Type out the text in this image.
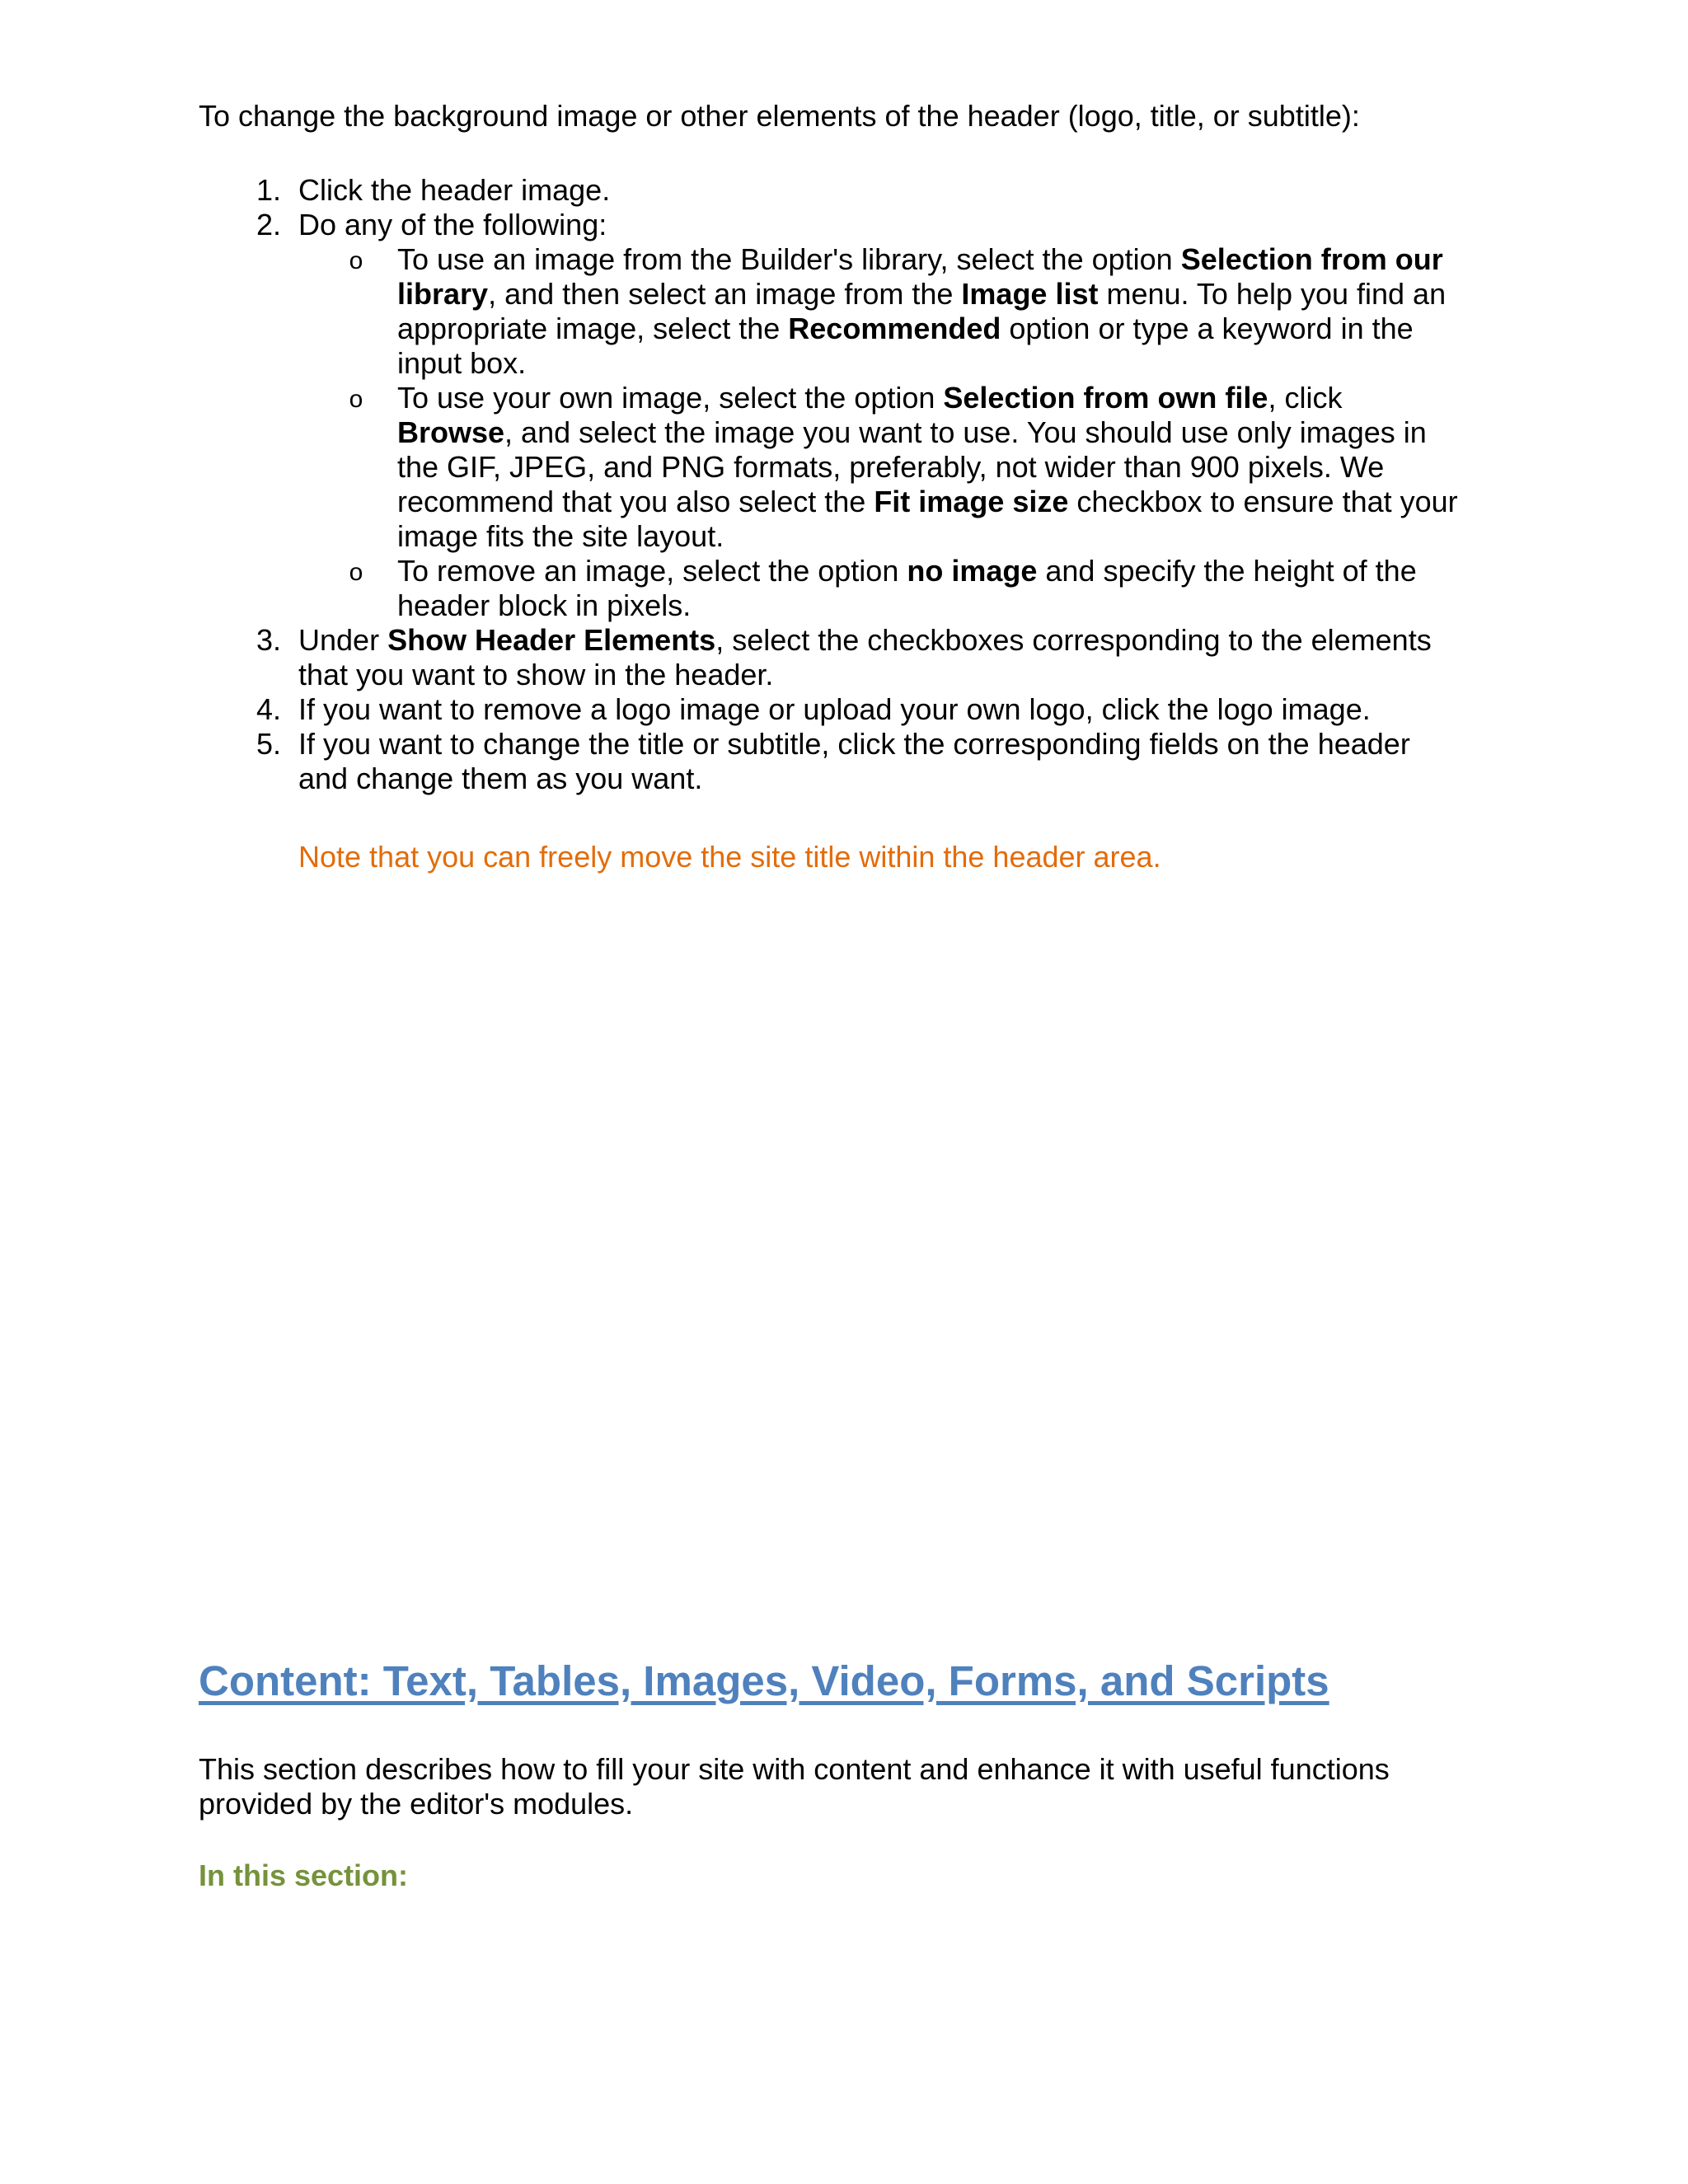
To change the background image or other elements of the header (logo, title, or subtitle):
1. Click the header image.
2. Do any of the following:
o	To use an image from the Builder's library, select the option Selection from our
library, and then select an image from the Image list menu. To help you find an
appropriate image, select the Recommended option or type a keyword in the
input box.
o	To use your own image, select the option Selection from own file, click
Browse, and select the image you want to use. You should use only images in
the GIF, JPEG, and PNG formats, preferably, not wider than 900 pixels. We
recommend that you also select the Fit image size checkbox to ensure that your
image fits the site layout.
o	To remove an image, select the option no image and specify the height of the
header block in pixels.
3. Under Show Header Elements, select the checkboxes corresponding to the elements
that you want to show in the header.
4. If you want to remove a logo image or upload your own logo, click the logo image.
5. If you want to change the title or subtitle, click the corresponding fields on the header
and change them as you want.
Note that you can freely move the site title within the header area.
Content: Text, Tables, Images, Video, Forms, and Scripts
This section describes how to fill your site with content and enhance it with useful functions
provided by the editor's modules.
In this section:
